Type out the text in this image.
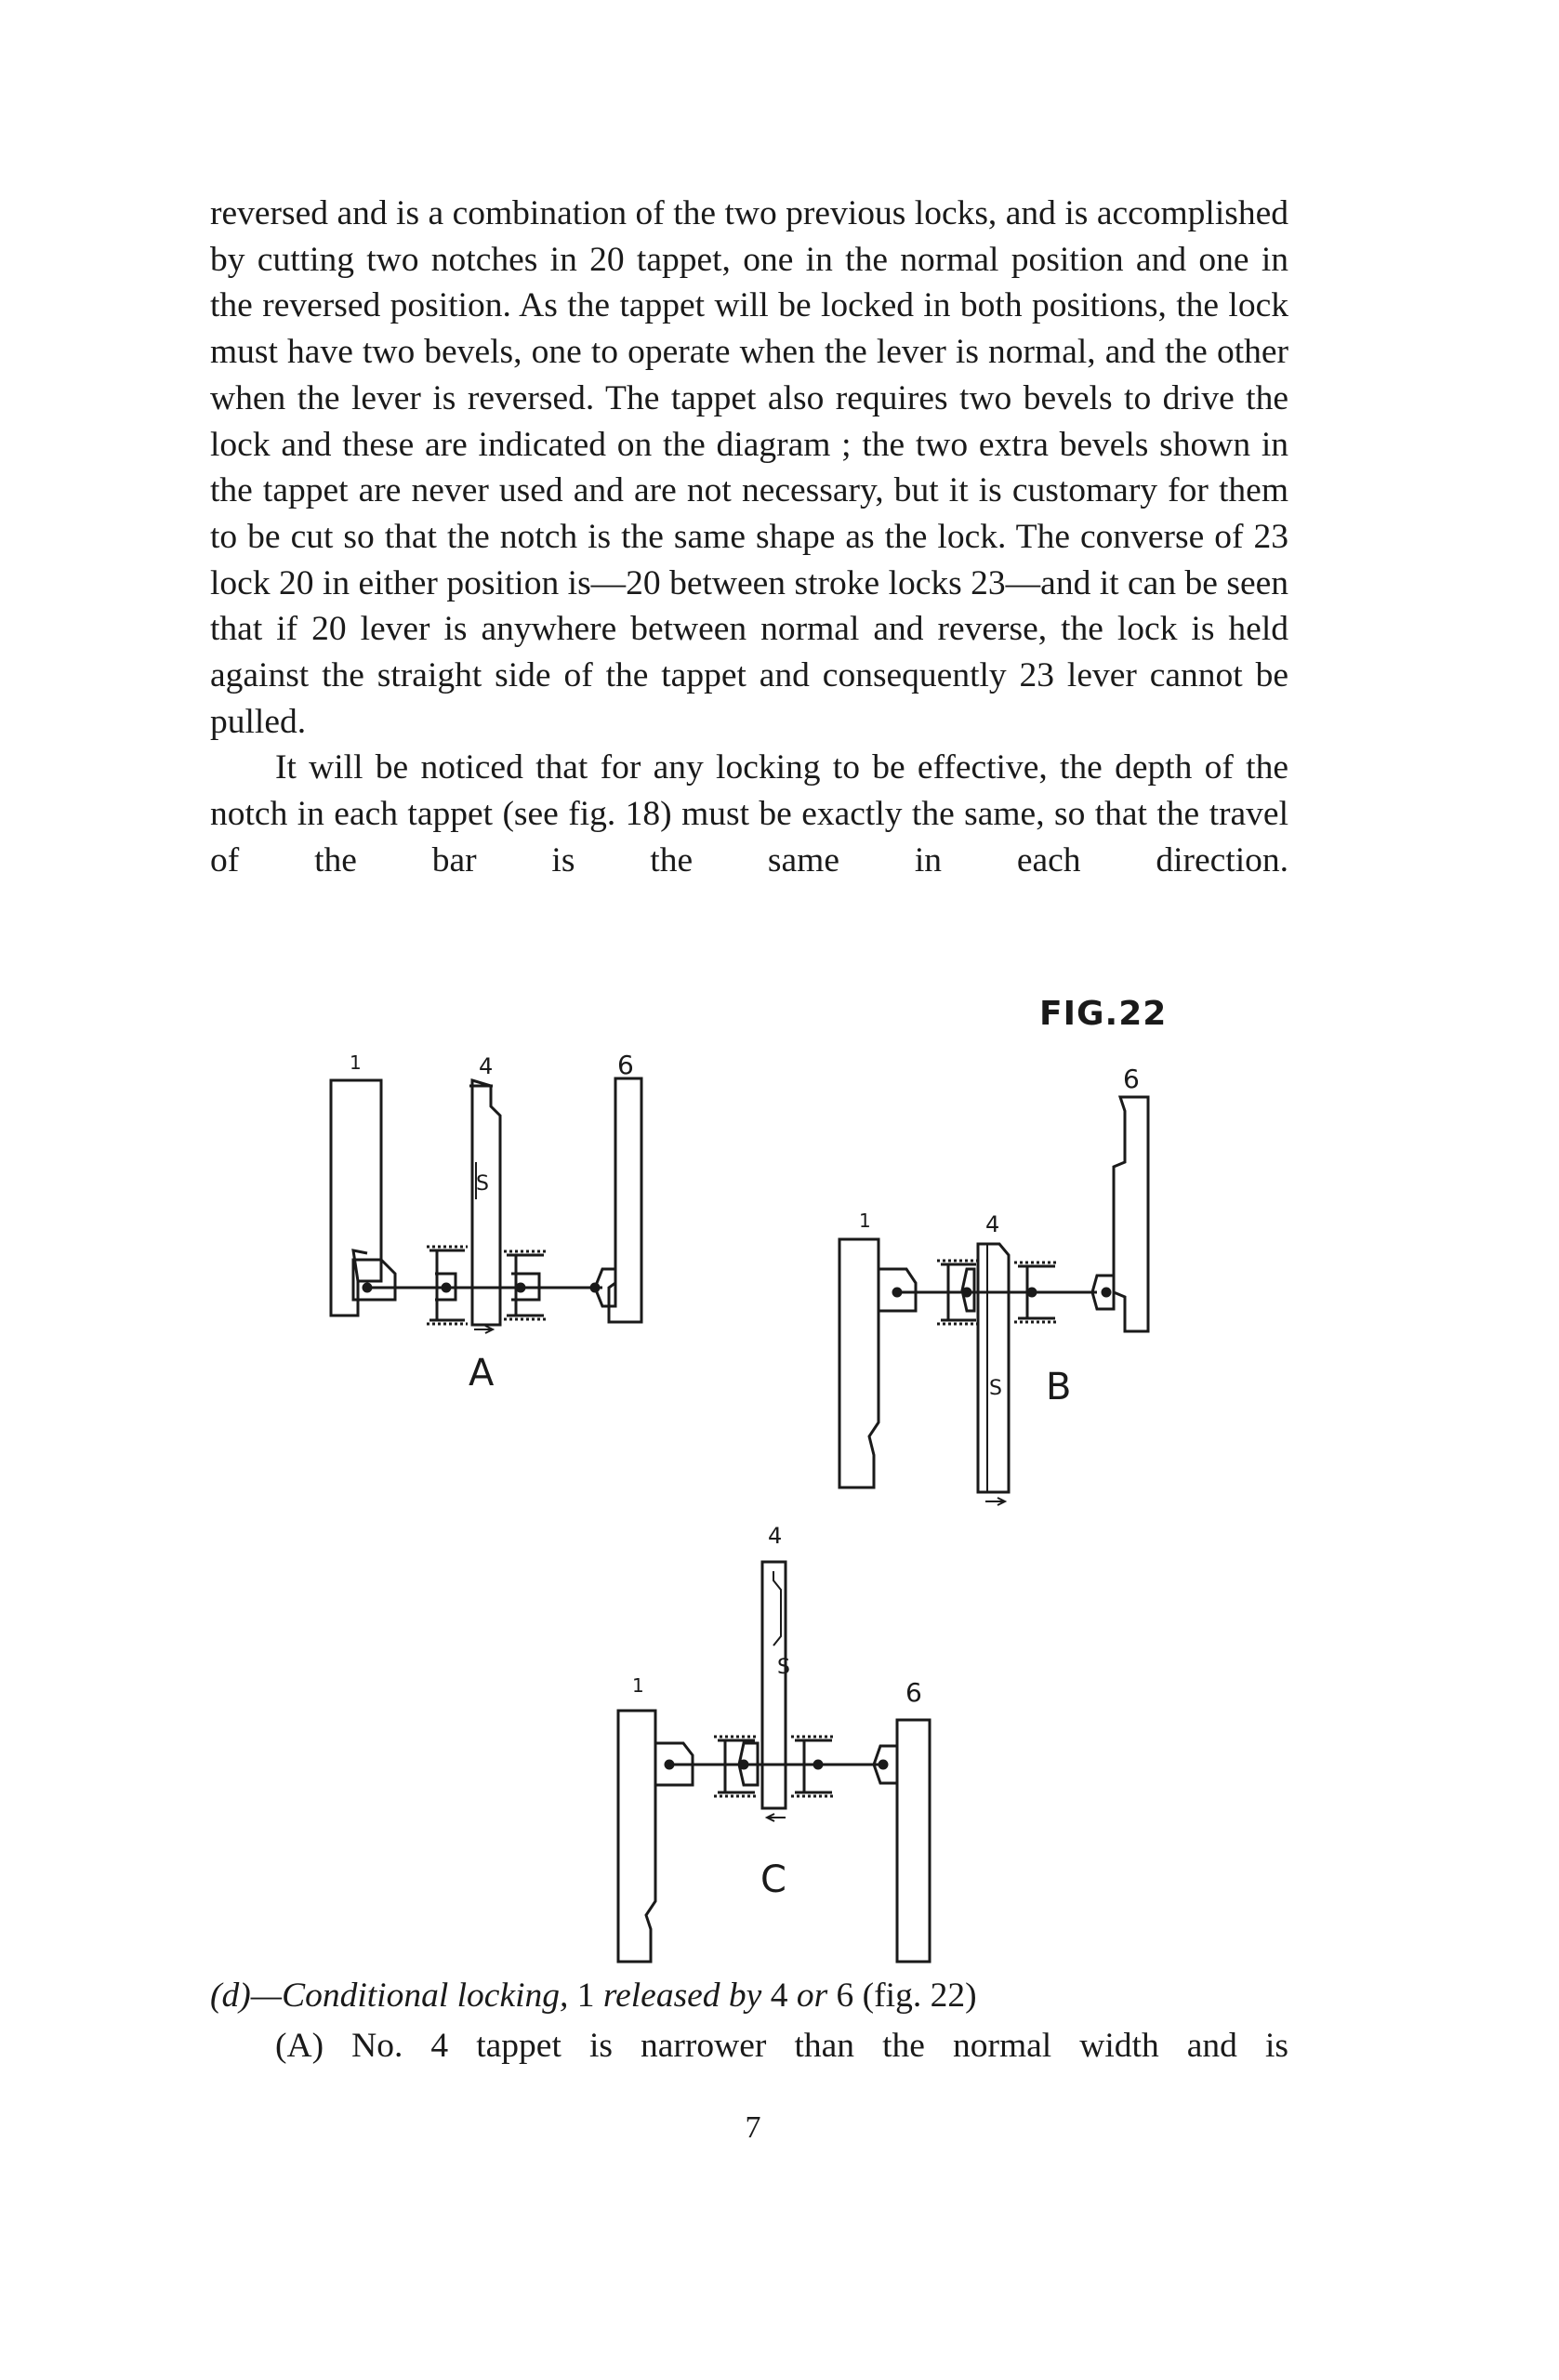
reversed and is a combination of the two previous locks, and is accomplished by cutting two notches in 20 tappet, one in the normal position and one in the reversed position. As the tappet will be locked in both positions, the lock must have two bevels, one to operate when the lever is normal, and the other when the lever is reversed. The tappet also requires two bevels to drive the lock and these are indicated on the diagram ; the two extra bevels shown in the tappet are never used and are not necessary, but it is customary for them to be cut so that the notch is the same shape as the lock. The converse of 23 lock 20 in either position is—20 between stroke locks 23—and it can be seen that if 20 lever is anywhere between normal and reverse, the lock is held against the straight side of the tappet and consequently 23 lever cannot be pulled.

It will be noticed that for any locking to be effective, the depth of the notch in each tappet (see fig. 18) must be exactly the same, so that the travel of the bar is the same in each direction.

FIG.22
1	4	6
S
A
1	4
6
S B
1
4
6
S
C

(d)—Conditional locking, 1 released by 4 or 6 (fig. 22)

(A) No. 4 tappet is narrower than the normal width and is

7
